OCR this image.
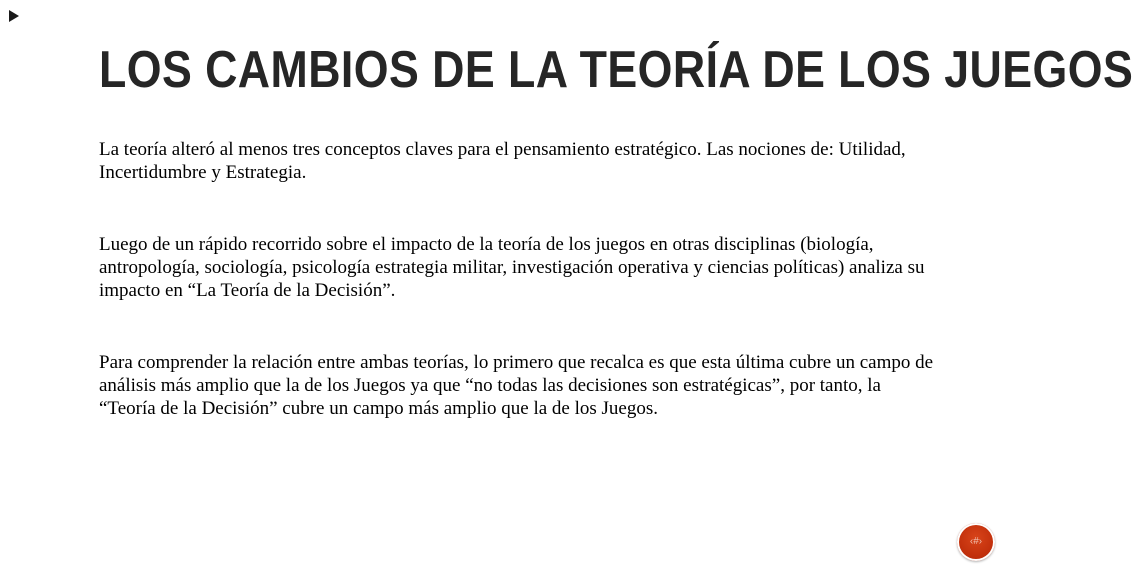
LOS CAMBIOS DE LA TEORÍA DE LOS JUEGOS

La teoría alteró al menos tres conceptos claves para el pensamiento estratégico. Las nociones de: Utilidad, Incertidumbre y Estrategia.

Luego de un rápido recorrido sobre el impacto de la teoría de los juegos en otras disciplinas (biología, antropología, sociología, psicología estrategia militar, investigación operativa y ciencias políticas) analiza su impacto en “La Teoría de la Decisión”.

Para comprender la relación entre ambas teorías, lo primero que recalca es que esta última cubre un campo de análisis más amplio que la de los Juegos ya que “no todas las decisiones son estratégicas”, por tanto, la “Teoría de la Decisión” cubre un campo más amplio que la de los Juegos.

‹#›
